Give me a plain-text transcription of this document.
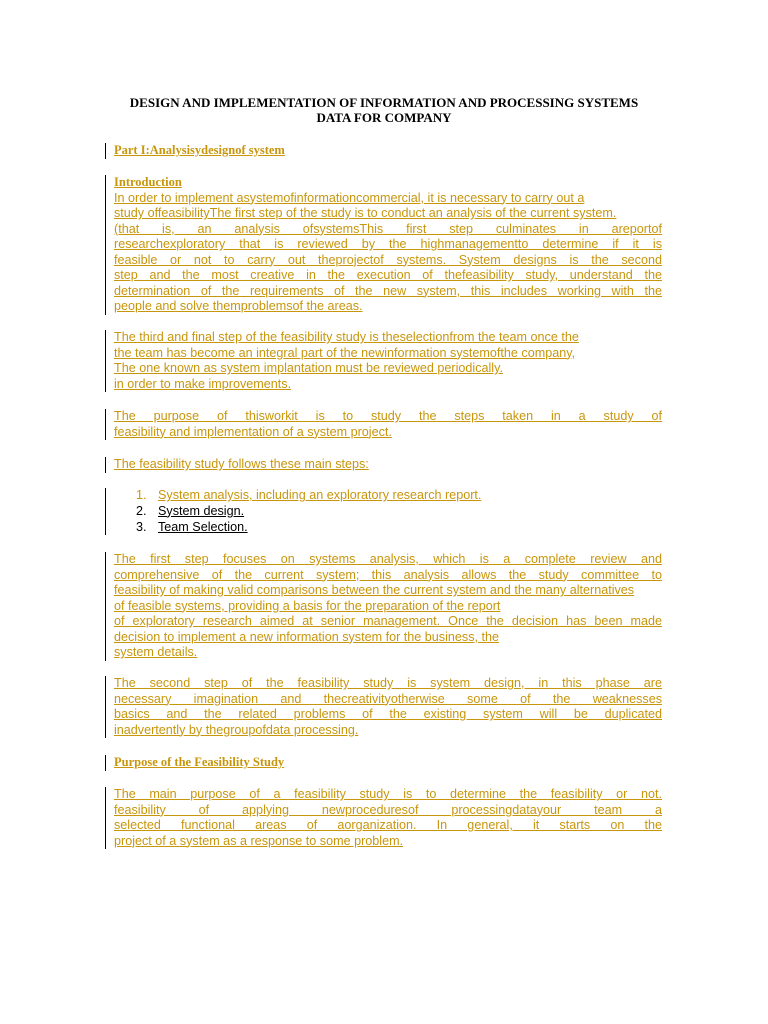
DESIGN AND IMPLEMENTATION OF INFORMATION AND PROCESSING SYSTEMS
DATA FOR COMPANY
Part I:Analysisydesignof system
Introduction
In order to implement asystemofinformationcommercial, it is necessary to carry out a
study offeasibilityThe first step of the study is to conduct an analysis of the current system.
(that is, an analysis ofsystemsThis first step culminates in areportof
researchexploratory that is reviewed by the highmanagementto determine if it is
feasible or not to carry out theprojectof systems. System designs is the second
step and the most creative in the execution of thefeasibility study, understand the
determination of the requirements of the new system, this includes working with the
people and solve themproblemsof the areas.
The third and final step of the feasibility study is theselectionfrom the team once the
the team has become an integral part of the newinformation systemofthe company,
The one known as system implantation must be reviewed periodically.
in order to make improvements.
The purpose of thisworkit is to study the steps taken in a study of
feasibility and implementation of a system project.
The feasibility study follows these main steps:
1. System analysis, including an exploratory research report.
2. System design.
3. Team Selection.
The first step focuses on systems analysis, which is a complete review and
comprehensive of the current system; this analysis allows the study committee to
feasibility of making valid comparisons between the current system and the many alternatives
of feasible systems, providing a basis for the preparation of the report
of exploratory research aimed at senior management. Once the decision has been made
decision to implement a new information system for the business, the
system details.
The second step of the feasibility study is system design, in this phase are
necessary imagination and thecreativityotherwise some of the weaknesses
basics and the related problems of the existing system will be duplicated
inadvertently by thegroupofdata processing.
Purpose of the Feasibility Study
The main purpose of a feasibility study is to determine the feasibility or not.
feasibility of applying newproceduresof processingdatayour team a
selected functional areas of aorganization. In general, it starts on the
project of a system as a response to some problem.
